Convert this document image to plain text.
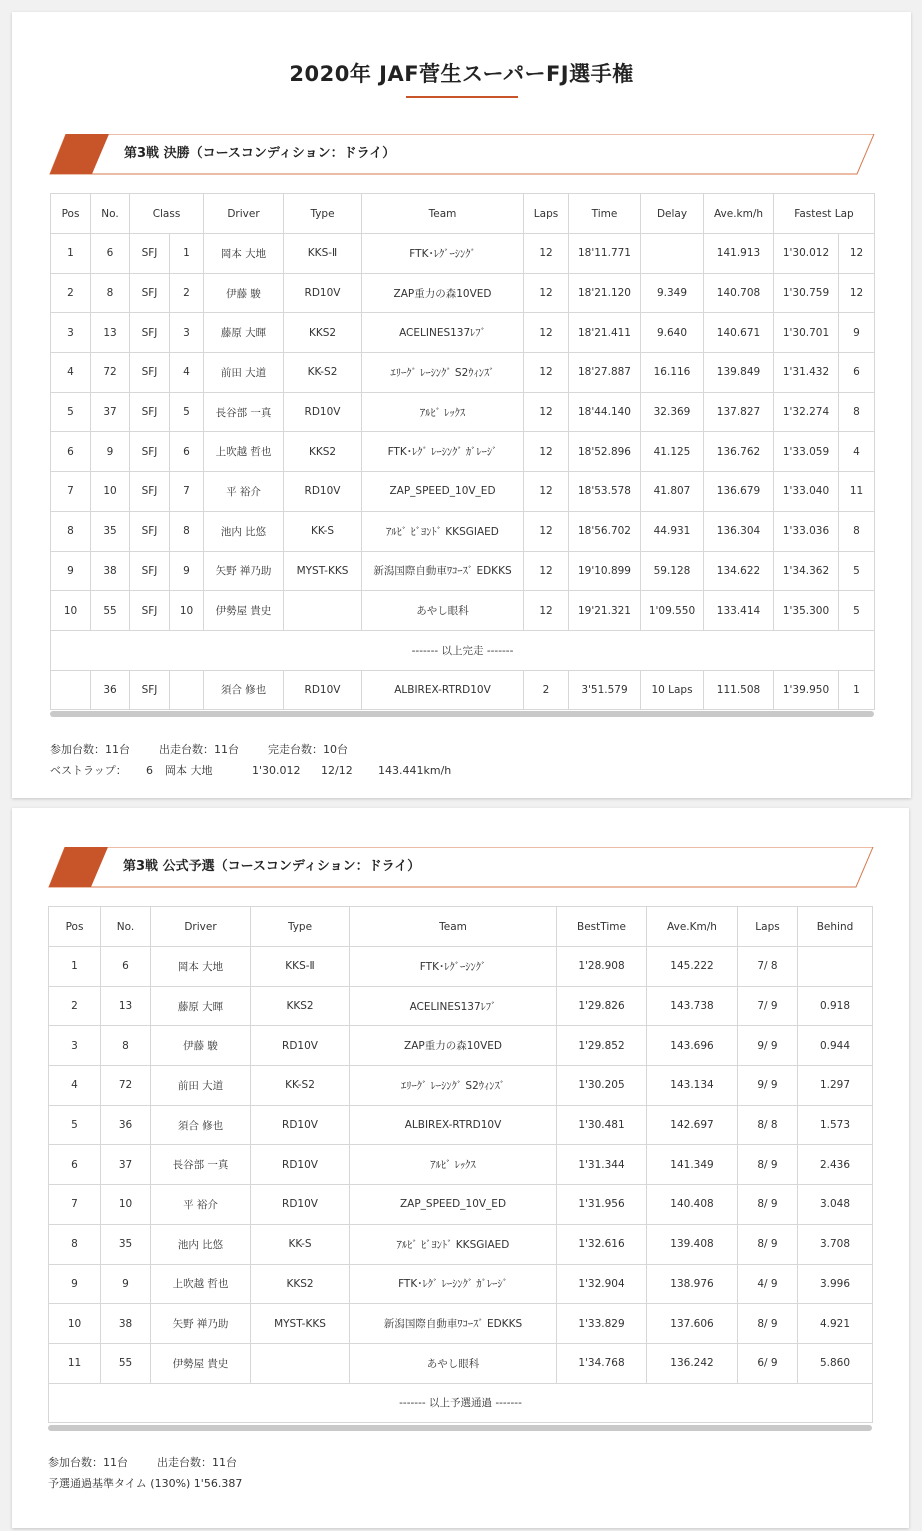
2020年 JAF菅生スーパーFJ選手権
第3戦 決勝（コースコンディション：ドライ）
Pos	No.	Class		Driver	Type	Team	Laps	Time	Delay	Ave.km/h	Fastest Lap	
1	6	SFJ	1	岡本 大地	KKS-Ⅱ	FTK･ﾚｸﾞｰｼﾝｸﾞ	12	18'11.771		141.913	1'30.012	12
2	8	SFJ	2	伊藤 駿	RD10V	ZAP重力の森10VED	12	18'21.120	9.349	140.708	1'30.759	12
3	13	SFJ	3	藤原 大暉	KKS2	ACELINES137ﾚﾌﾞ	12	18'21.411	9.640	140.671	1'30.701	9
4	72	SFJ	4	前田 大道	KK-S2	ｴﾘｰｸﾞ ﾚｰｼﾝｸﾞ S2ｳｨﾝｽﾞ	12	18'27.887	16.116	139.849	1'31.432	6
5	37	SFJ	5	長谷部 一真	RD10V	ｱﾙﾋﾞ ﾚｯｸｽ	12	18'44.140	32.369	137.827	1'32.274	8
6	9	SFJ	6	上吹越 哲也	KKS2	FTK･ﾚｸﾞ ﾚｰｼﾝｸﾞ ｶﾞﾚｰｼﾞ	12	18'52.896	41.125	136.762	1'33.059	4
7	10	SFJ	7	平 裕介	RD10V	ZAP_SPEED_10V_ED	12	18'53.578	41.807	136.679	1'33.040	11
8	35	SFJ	8	池内 比悠	KK-S	ｱﾙﾋﾞ ﾋﾞﾖﾝﾄﾞ KKSGIAED	12	18'56.702	44.931	136.304	1'33.036	8
9	38	SFJ	9	矢野 禅乃助	MYST-KKS	新潟国際自動車ﾜｺｰｽﾞ EDKKS	12	19'10.899	59.128	134.622	1'34.362	5
10	55	SFJ	10	伊勢屋 貴史		あやし眼科	12	19'21.321	1'09.550	133.414	1'35.300	5
------- 以上完走 -------												
	36	SFJ		須合 修也	RD10V	ALBIREX-RTRD10V	2	3'51.579	10 Laps	111.508	1'39.950	1
参加台数：11台	出走台数：11台	完走台数：10台
ベストラップ： 6 岡本 大地	1'30.012 12/12 143.441km/h
第3戦 公式予選（コースコンディション：ドライ）
Pos	No.	Driver	Type	Team	BestTime	Ave.Km/h	Laps	Behind
1	6	岡本 大地	KKS-Ⅱ	FTK･ﾚｸﾞｰｼﾝｸﾞ	1'28.908	145.222	7/ 8	
2	13	藤原 大暉	KKS2	ACELINES137ﾚﾌﾞ	1'29.826	143.738	7/ 9	0.918
3	8	伊藤 駿	RD10V	ZAP重力の森10VED	1'29.852	143.696	9/ 9	0.944
4	72	前田 大道	KK-S2	ｴﾘｰｸﾞ ﾚｰｼﾝｸﾞ S2ｳｨﾝｽﾞ	1'30.205	143.134	9/ 9	1.297
5	36	須合 修也	RD10V	ALBIREX-RTRD10V	1'30.481	142.697	8/ 8	1.573
6	37	長谷部 一真	RD10V	ｱﾙﾋﾞ ﾚｯｸｽ	1'31.344	141.349	8/ 9	2.436
7	10	平 裕介	RD10V	ZAP_SPEED_10V_ED	1'31.956	140.408	8/ 9	3.048
8	35	池内 比悠	KK-S	ｱﾙﾋﾞ ﾋﾞﾖﾝﾄﾞ KKSGIAED	1'32.616	139.408	8/ 9	3.708
9	9	上吹越 哲也	KKS2	FTK･ﾚｸﾞ ﾚｰｼﾝｸﾞ ｶﾞﾚｰｼﾞ	1'32.904	138.976	4/ 9	3.996
10	38	矢野 禅乃助	MYST-KKS	新潟国際自動車ﾜｺｰｽﾞ EDKKS	1'33.829	137.606	8/ 9	4.921
11	55	伊勢屋 貴史		あやし眼科	1'34.768	136.242	6/ 9	5.860
------- 以上予選通過 -------								
参加台数：11台	出走台数：11台
予選通過基準タイム (130%) 1'56.387
